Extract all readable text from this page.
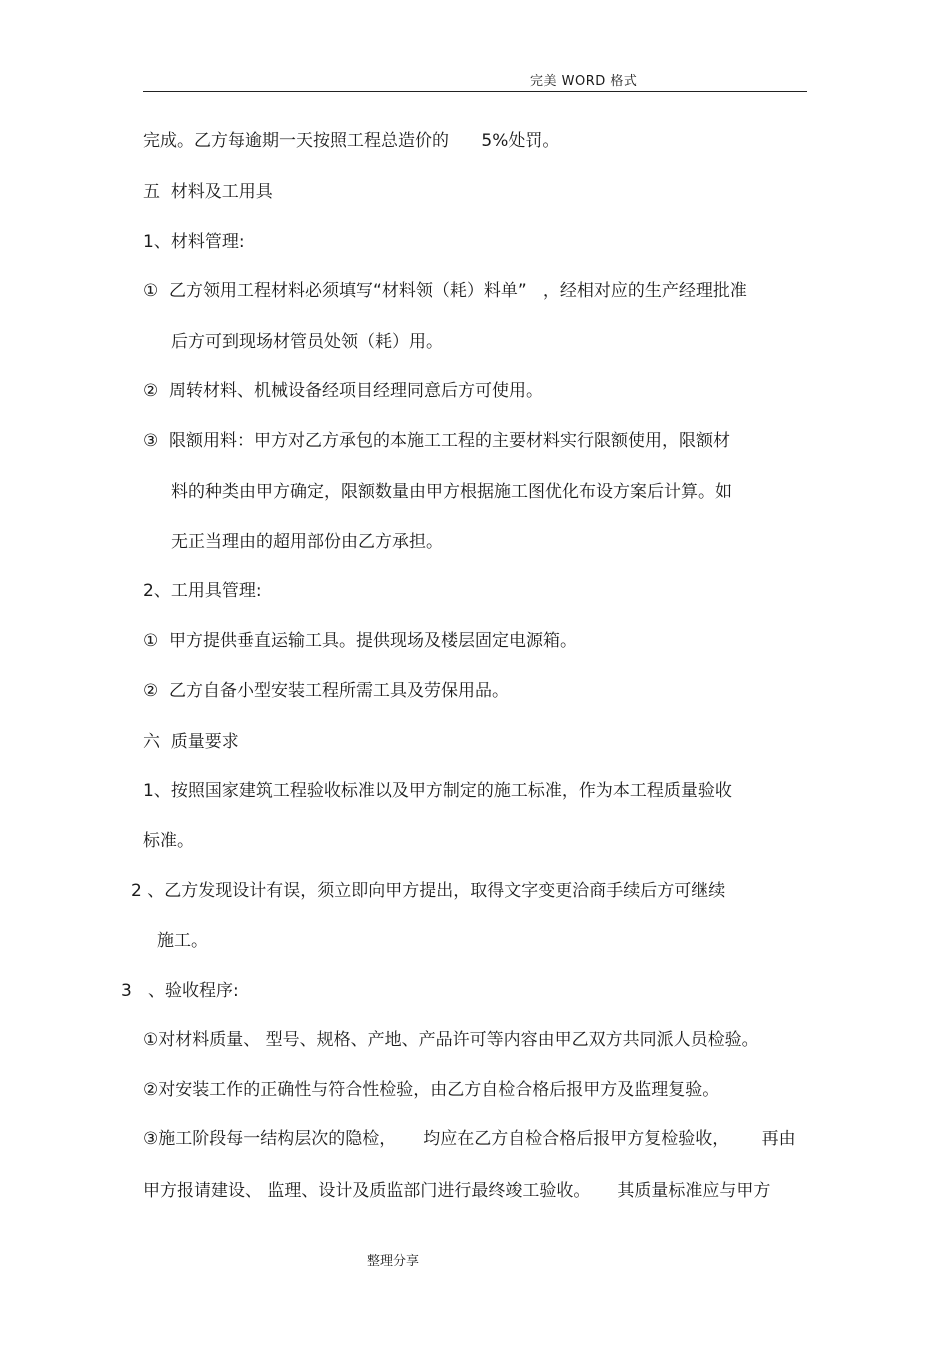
完美 WORD 格式
完成。乙方每逾期一天按照工程总造价的      5%处罚。
五  材料及工用具
1、材料管理:
①  乙方领用工程材料必须填写“材料领（耗）料单”   ，经相对应的生产经理批准
后方可到现场材管员处领（耗）用。
②  周转材料、机械设备经项目经理同意后方可使用。
③  限额用料：甲方对乙方承包的本施工工程的主要材料实行限额使用，限额材
料的种类由甲方确定，限额数量由甲方根据施工图优化布设方案后计算。如
无正当理由的超用部份由乙方承担。
2、工用具管理:
①  甲方提供垂直运输工具。提供现场及楼层固定电源箱。
②  乙方自备小型安装工程所需工具及劳保用品。
六  质量要求
1、按照国家建筑工程验收标准以及甲方制定的施工标准，作为本工程质量验收
标准。
2 、乙方发现设计有误，须立即向甲方提出，取得文字变更洽商手续后方可继续
施工。
3   、验收程序:
①对材料质量、 型号、规格、产地、产品许可等内容由甲乙双方共同派人员检验。
②对安装工作的正确性与符合性检验，由乙方自检合格后报甲方及监理复验。
③施工阶段每一结构层次的隐检，     均应在乙方自检合格后报甲方复检验收，      再由
甲方报请建设、 监理、设计及质监部门进行最终竣工验收。     其质量标准应与甲方
整理分享
